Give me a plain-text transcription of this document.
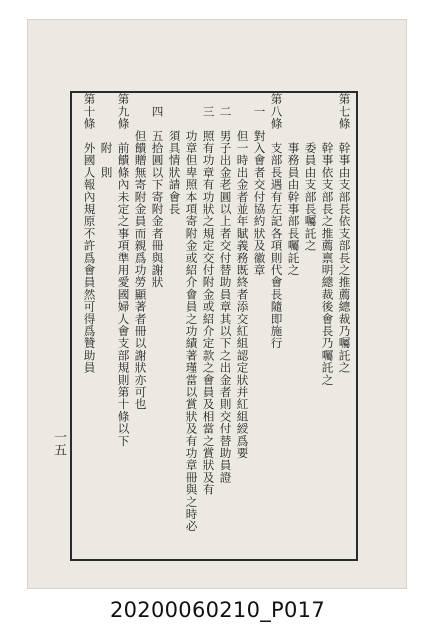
第七條　幹事由支部長依支部長之推薦總裁乃囑託之
　　　　幹事依支部長之推薦禀明總裁後會長乃囑託之
　　　　委員由支部長囑託之
　　　　事務員由幹事部長囑託之
第八條　支部長遇有左記各項則代會長隨即施行
　一　對入會者交付協約狀及徽章
　　　但一時出金者並年賦義務既終者添交紅組認定狀并紅組綬爲要
　二　男子出金老圓以上者交付替助員章其以下之出金者則交付替助員證
　三　照有功章有功狀之規定交付附金或紹介定款之會員及相當之賞狀及有
　　　功章但卑照本項寄附金或紹介會員之功績著瑾當以賞狀及有功章冊與之時必
　　　須具情狀請會長
　四　五拾圓以下寄附金者冊與謝狀
　　　但饋贈無寄附金員而親爲功勞顯著者冊以謝狀亦可也
第九條　前饋條內未定之事項準用愛國婦人會支部規則第十條以下
　　　　附　則
第十條　外國人報內規原不許爲會員然可得爲贊助員
一五
20200060210_P017
